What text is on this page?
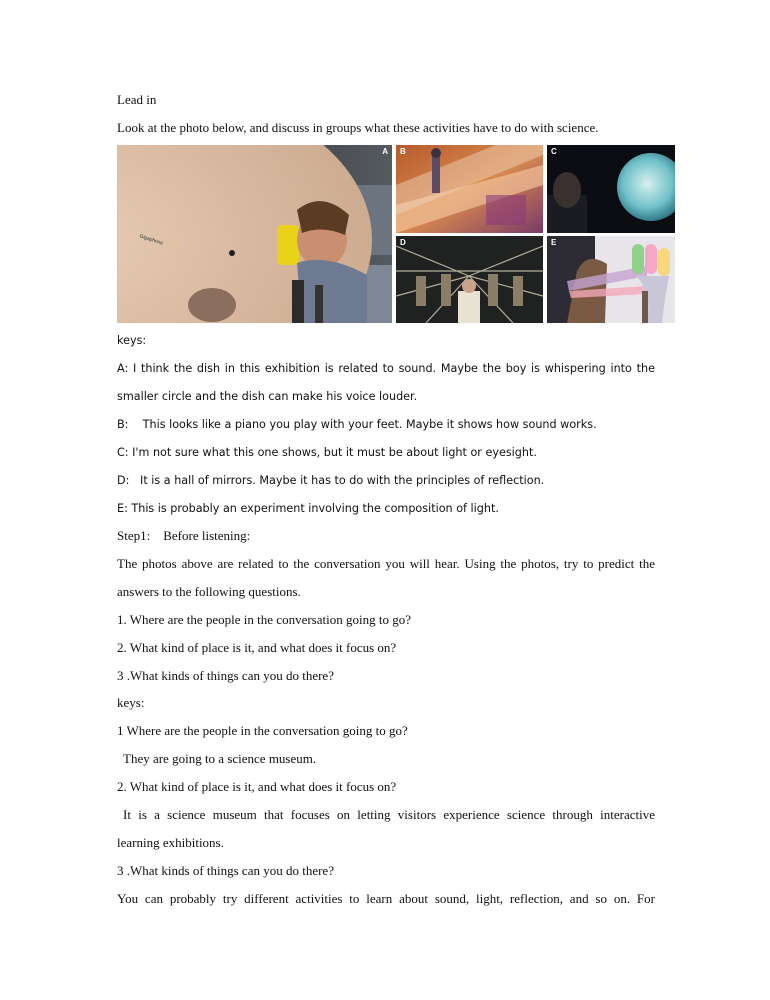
Lead in
Look at the photo below, and discuss in groups what these activities have to do with science.
A
Gigaphone
B	C
D	E
keys:
A: I think the dish in this exhibition is related to sound. Maybe the boy is whispering into the
smaller circle and the dish can make his voice louder.
B:    This looks like a piano you play with your feet. Maybe it shows how sound works.
C: I'm not sure what this one shows, but it must be about light or eyesight.
D:   It is a hall of mirrors. Maybe it has to do with the principles of reflection.
E: This is probably an experiment involving the composition of light.
Step1:    Before listening:
The photos above are related to the conversation you will hear. Using the photos, try to predict the
answers to the following questions.
1. Where are the people in the conversation going to go?
2. What kind of place is it, and what does it focus on?
3 .What kinds of things can you do there?
keys:
1 Where are the people in the conversation going to go?
They are going to a science museum.
2. What kind of place is it, and what does it focus on?
It is a science museum that focuses on letting visitors experience science through interactive
learning exhibitions.
3 .What kinds of things can you do there?
You can probably try different activities to learn about sound, light, reflection, and so on. For
